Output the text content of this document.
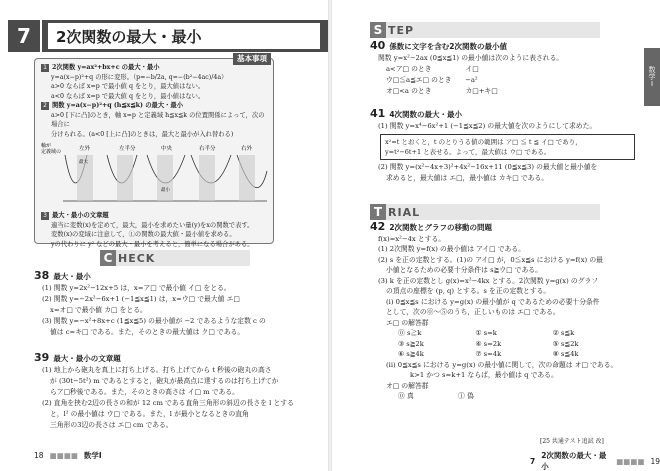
7	2次関数の最大・最小
基本事項
1 2次関数 y=ax²+bx+c の最大・最小
y=a(x−p)²+q の形に変形。（p=−b/2a, q=−(b²−4ac)/4a）
a>0 ならば x=p で最小値 q をとり，最大値はない。
a<0 ならば x=p で最大値 q をとり，最小値はない。
2 関数 y=a(x−p)²+q (h≦x≦k) の最大・最小
a>0 [下に凸]のとき，軸 x=p と定義域 h≦x≦k の位置関係によって，次の場合に
分けられる。(a<0 [上に凸]のときは，最大と最小が入れ替わる)
軸が
定義域の	左外	左半分	中央	右半分	右外
最大
最小
3 最大・最小の文章題
適当に変数(x)を定めて，最大，最小を求めたい量(y)をxの関数で表す。
変数(x)の変域に注意して，①の関数の最大値・最小値を求める。
yの代わりに y² などの最大・最小を考えると，簡単になる場合がある。
C HECK
38 最大・最小
(1) 関数 y=2x²−12x+5 は，x=ア□ で最小値 イ□ をとる。
(2) 関数 y=−2x²−6x+1 (−1≦x≦1) は，x=ウ□ で最大値 エ□
x=オ□ で最小値 カ□ をとる。
(3) 関数 y=−x²+8x+c (1≦x≦5) の最小値が −2 であるような定数 c の
値は c=キ□ である。また，そのときの最大値は ク□ である。
39 最大・最小の文章題
(1) 地上から砲丸を真上に打ち上げる。打ち上げてから t 秒後の砲丸の高さ
が (30t−5t²) m であるとすると，砲丸が最高点に達するのは打ち上げてか
らア□秒後である。また，そのときの高さは イ□ m である。
(2) 直角を挟む2辺の長さの和が 12 cm である直角三角形の斜辺の長さを l とする
と，l² の最小値は ウ□ である。また，l が最小となるときの直角
三角形の3辺の長さは エ□ cm である。
18 ■■■■ 数学Ⅰ
S TEP
数学Ⅰ
40 係数に文字を含む2次関数の最小値
関数 y=x²−2ax (0≦x≦1) の最小値は次のように表される。
a<ア□ のとき　　　　　イ□
ウ□≦a≦エ□ のとき　　−a²
オ□<a のとき　　　　　カ□+キ□
41 4次関数の最大・最小
(1) 関数 y=x⁴−6x²+1 (−1≦x≦2) の最大値を次のようにして求めた。
x²=t とおくと，t のとりうる値の範囲は ア□ ≦ t ≦ イ□ であり，
y=t²−6t+1 と表せる。よって，最大値は ウ□ である。
(2) 関数 y=(x²−4x+3)²+4x²−16x+11 (0≦x≦3) の最大値と最小値を
求めると，最大値は エ□，最小値は カキ□ である。
T RIAL
42 2次関数とグラフの移動の問題
f(x)=x²−4x とする。
(1) 2次関数 y=f(x) の最小値は アイ□ である。
(2) s を正の定数とする。(1)の アイ□ が，0≦x≦s における y=f(x) の最
小値となるための必要十分条件は s≧ウ□ である。
(3) k を正の定数とし g(x)=x²−4kx とする。2次関数 y=g(x) のグラフ
の頂点の座標を (p, q) とする。s を正の定数とする。
(i) 0≦x≦s における y=g(x) の最小値が q であるための必要十分条件
として，次の⓪〜⑤のうち，正しいものは エ□ である。
エ□ の解答群
⓪ s≧k	① s=k	② s≦k
③ s≧2k	④ s=2k	⑤ s≦2k
⑥ s≧4k	⑦ s=4k	⑧ s≦4k
(ii) 0≦x≦s における y=g(x) の最小値に関して，次の命題は オ□ である。
k>1 かつ s=k+1 ならば，最小値は q である。
オ□ の解答群
⓪ 真	① 偽
[25 共通テスト追試 改]
7
2次関数の最大・最小
■■■■ 19
